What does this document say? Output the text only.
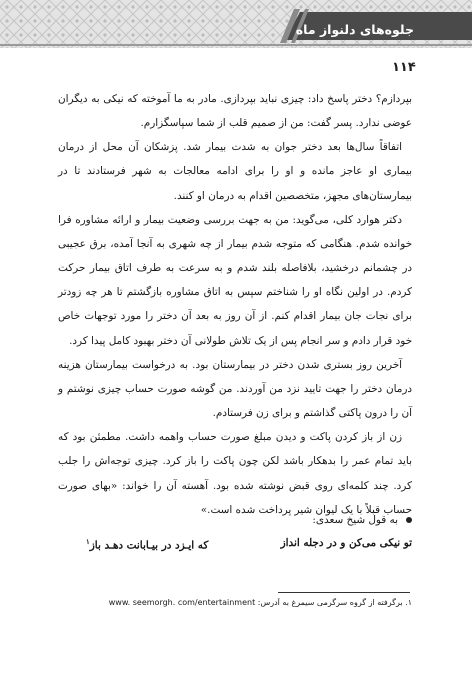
جلوه‌های دلنواز ماه
۱۱۴

بپردازم؟ دختر پاسخ داد: چیزی نباید بپردازی. مادر به ما آموخته که نیکی به دیگران عوضی ندارد. پسر گفت: من از صمیم قلب از شما سپاسگزارم.

اتفاقاً سال‌ها بعد دختر جوان به شدت بیمار شد. پزشکان آن محل از درمان بیماری او عاجز مانده و او را برای ادامه معالجات به شهر فرستادند تا در بیمارستان‌های مجهز، متخصصین اقدام به درمان او کنند.

دکتر هوارد کلی، می‌گوید: من به جهت بررسی وضعیت بیمار و ارائه مشاوره فرا خوانده شدم. هنگامی که متوجه شدم بیمار از چه شهری به آنجا آمده، برق عجیبی در چشمانم درخشید، بلافاصله بلند شدم و به سرعت به طرف اتاق بیمار حرکت کردم. در اولین نگاه او را شناختم سپس به اتاق مشاوره بازگشتم تا هر چه زودتر برای نجات جان بیمار اقدام کنم. از آن روز به بعد آن دختر را مورد توجهات خاص خود قرار دادم و سر انجام پس از یک تلاش طولانی آن دختر بهبود کامل پیدا کرد.

آخرین روز بستری شدن دختر در بیمارستان بود. به درخواست بیمارستان هزینه درمان دختر را جهت تایید نزد من آوردند. من گوشه صورت حساب چیزی نوشتم و آن را درون پاکتی گذاشتم و برای زن فرستادم.

زن از باز کردن پاکت و دیدن مبلغ صورت حساب واهمه داشت. مطمئن بود که باید تمام عمر را بدهکار باشد لکن چون پاکت را باز کرد. چیزی توجه‌اش را جلب کرد. چند کلمه‌ای روی قبض نوشته شده بود. آهسته آن را خواند: «بهای صورت حساب قبلاً با یک لیوان شیر پرداخت شده است.»

به قول شیخ سعدی:
تو نیکی می‌کن و در دجله انداز
که ایـزد در بیـابانت دهـد باز$^۱$
۱. برگرفته از گروه سرگرمی سیمرغ به آدرس: www. seemorgh. com/entertainment
